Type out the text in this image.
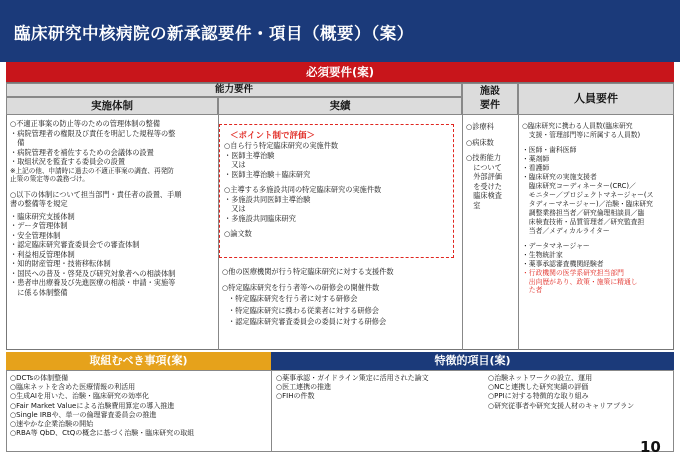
臨床研究中核病院の新承認要件・項目（概要）（案）
必須要件(案)
能力要件
実施体制	実績
施設
要件
人員要件
○不適正事案の防止等のための管理体制の整備
・病院管理者の権限及び責任を明記した規程等の整
　備
・病院管理者を補佐するための会議体の設置
・取組状況を監査する委員会の設置
※上記の他、申請時に過去の不適正事案の調査、再発防
止策の策定等の義務づけ。
○以下の体制について担当部門・責任者の設置、手順
書の整備等を規定
・臨床研究支援体制
・データ管理体制
・安全管理体制
・認定臨床研究審査委員会での審査体制
・利益相反管理体制
・知的財産管理・技術移転体制
・国民への普及・啓発及び研究対象者への相談体制
・患者申出療養及び先進医療の相談・申請・実施等
　に係る体制整備
＜ポイント制で評価＞
○自ら行う特定臨床研究の実施件数
・医師主導治験
　又は
・医師主導治験＋臨床研究
○主導する多施設共同の特定臨床研究の実施件数
・多施設共同医師主導治験
　又は
・多施設共同臨床研究
○論文数
○他の医療機関が行う特定臨床研究に対する支援件数
○特定臨床研究を行う者等への研修会の開催件数
・特定臨床研究を行う者に対する研修会
・特定臨床研究に携わる従業者に対する研修会
・認定臨床研究審査委員会の委員に対する研修会
○診療科
○病床数
○技術能力
　について
　外部評価
　を受けた
　臨床検査
　室
○臨床研究に携わる人員数(臨床研究
　支援・管理部門等に所属する人員数)
・医師・歯科医師
・薬剤師
・看護師
・臨床研究の実施支援者
　臨床研究コーディネーター(CRC)／
　モニター／プロジェクトマネージャー(ス
　タディーマネージャー)／治験・臨床研究
　調整業務担当者／研究倫理相談員／臨
　床検査技術・品質管理者／研究監査担
　当者／メディカルライター
・データマネージャー
・生物統計家
・薬事承認審査機関経験者
・行政機関の医学系研究担当部門
　出向歴があり、政策・施策に精通し
　た者
取組むべき事項(案)	特徴的項目(案)
○DCTsの体制整備
○臨床ネットを含めた医療情報の利活用
○生成AIを用いた、治験・臨床研究の効率化
○Fair Market Valueによる治験費用算定の導入推進
○Single IRBや、単一の倫理審査委員会の推進
○速やかな企業治験の開始
○RBA等 QbD、CtQの概念に基づく治験・臨床研究の取組
○薬事承認・ガイドライン策定に活用された論文
○医工連携の推進
○FIHの件数
○治験ネットワークの設立、運用
○NCと連携した研究実績の評価
○PPIに対する特徴的な取り組み
○研究従事者や研究支援人材のキャリアプラン
10
